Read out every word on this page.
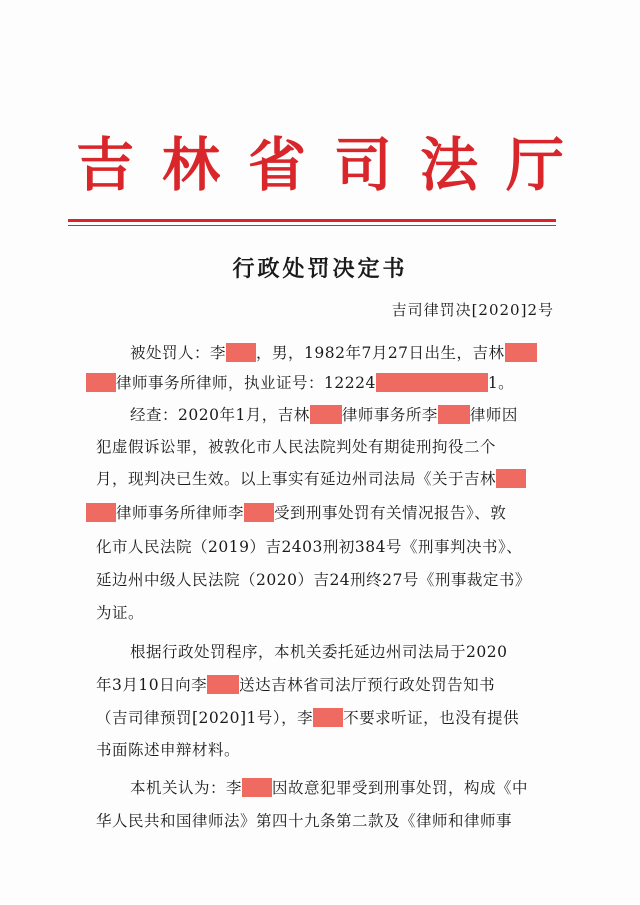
吉 林 省 司 法 厅
行政处罚决定书
吉司律罚决[2020]2号
被处罚人：李 ，男，1982年7月27日出生，吉林
律师事务所律师，执业证号：12224	1。
经查：2020年1月，吉林 律师事务所李 律师因
犯虚假诉讼罪，被敦化市人民法院判处有期徒刑拘役二个
月，现判决已生效。以上事实有延边州司法局《关于吉林
律师事务所律师李 受到刑事处罚有关情况报告》、敦
化市人民法院（2019）吉2403刑初384号《刑事判决书》、
延边州中级人民法院（2020）吉24刑终27号《刑事裁定书》
为证。
根据行政处罚程序，本机关委托延边州司法局于2020
年3月10日向李 送达吉林省司法厅预行政处罚告知书
（吉司律预罚[2020]1号），李 不要求听证，也没有提供
书面陈述申辩材料。
本机关认为：李 因故意犯罪受到刑事处罚，构成《中
华人民共和国律师法》第四十九条第二款及《律师和律师事
